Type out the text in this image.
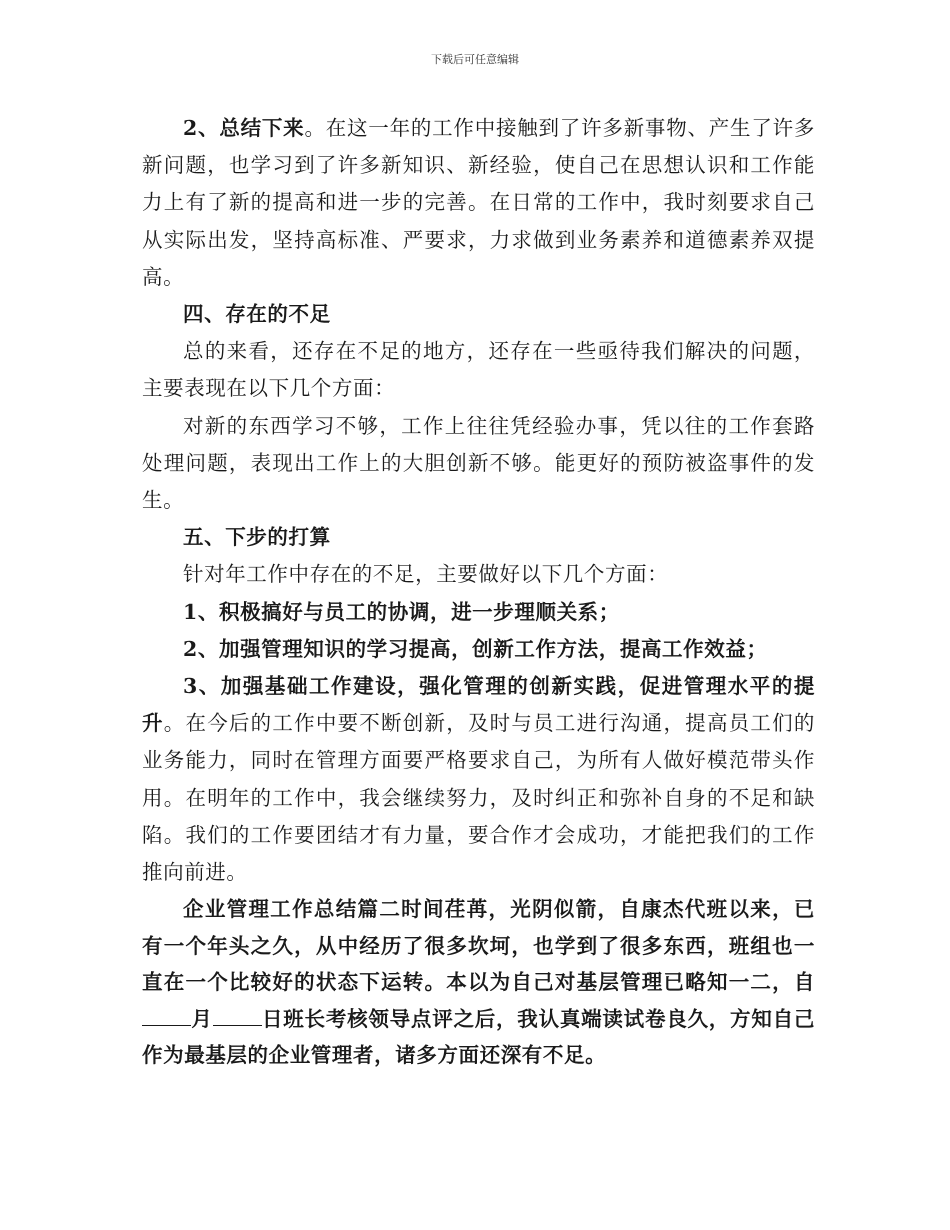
下载后可任意编辑

2、总结下来。在这一年的工作中接触到了许多新事物、产生了许多新问题，也学习到了许多新知识、新经验，使自己在思想认识和工作能力上有了新的提高和进一步的完善。在日常的工作中，我时刻要求自己从实际出发，坚持高标准、严要求，力求做到业务素养和道德素养双提高。

四、存在的不足

总的来看，还存在不足的地方，还存在一些亟待我们解决的问题，主要表现在以下几个方面：

对新的东西学习不够，工作上往往凭经验办事，凭以往的工作套路处理问题，表现出工作上的大胆创新不够。能更好的预防被盗事件的发生。

五、下步的打算

针对年工作中存在的不足，主要做好以下几个方面：

1、积极搞好与员工的协调，进一步理顺关系；

2、加强管理知识的学习提高，创新工作方法，提高工作效益；

3、加强基础工作建设，强化管理的创新实践，促进管理水平的提升。在今后的工作中要不断创新，及时与员工进行沟通，提高员工们的业务能力，同时在管理方面要严格要求自己，为所有人做好模范带头作用。在明年的工作中，我会继续努力，及时纠正和弥补自身的不足和缺陷。我们的工作要团结才有力量，要合作才会成功，才能把我们的工作推向前进。

企业管理工作总结篇二时间荏苒，光阴似箭，自康杰代班以来，已有一个年头之久，从中经历了很多坎坷，也学到了很多东西，班组也一直在一个比较好的状态下运转。本以为自己对基层管理已略知一二，自月 日班长考核领导点评之后，我认真端读试卷良久，方知自己作为最基层的企业管理者，诸多方面还深有不足。
